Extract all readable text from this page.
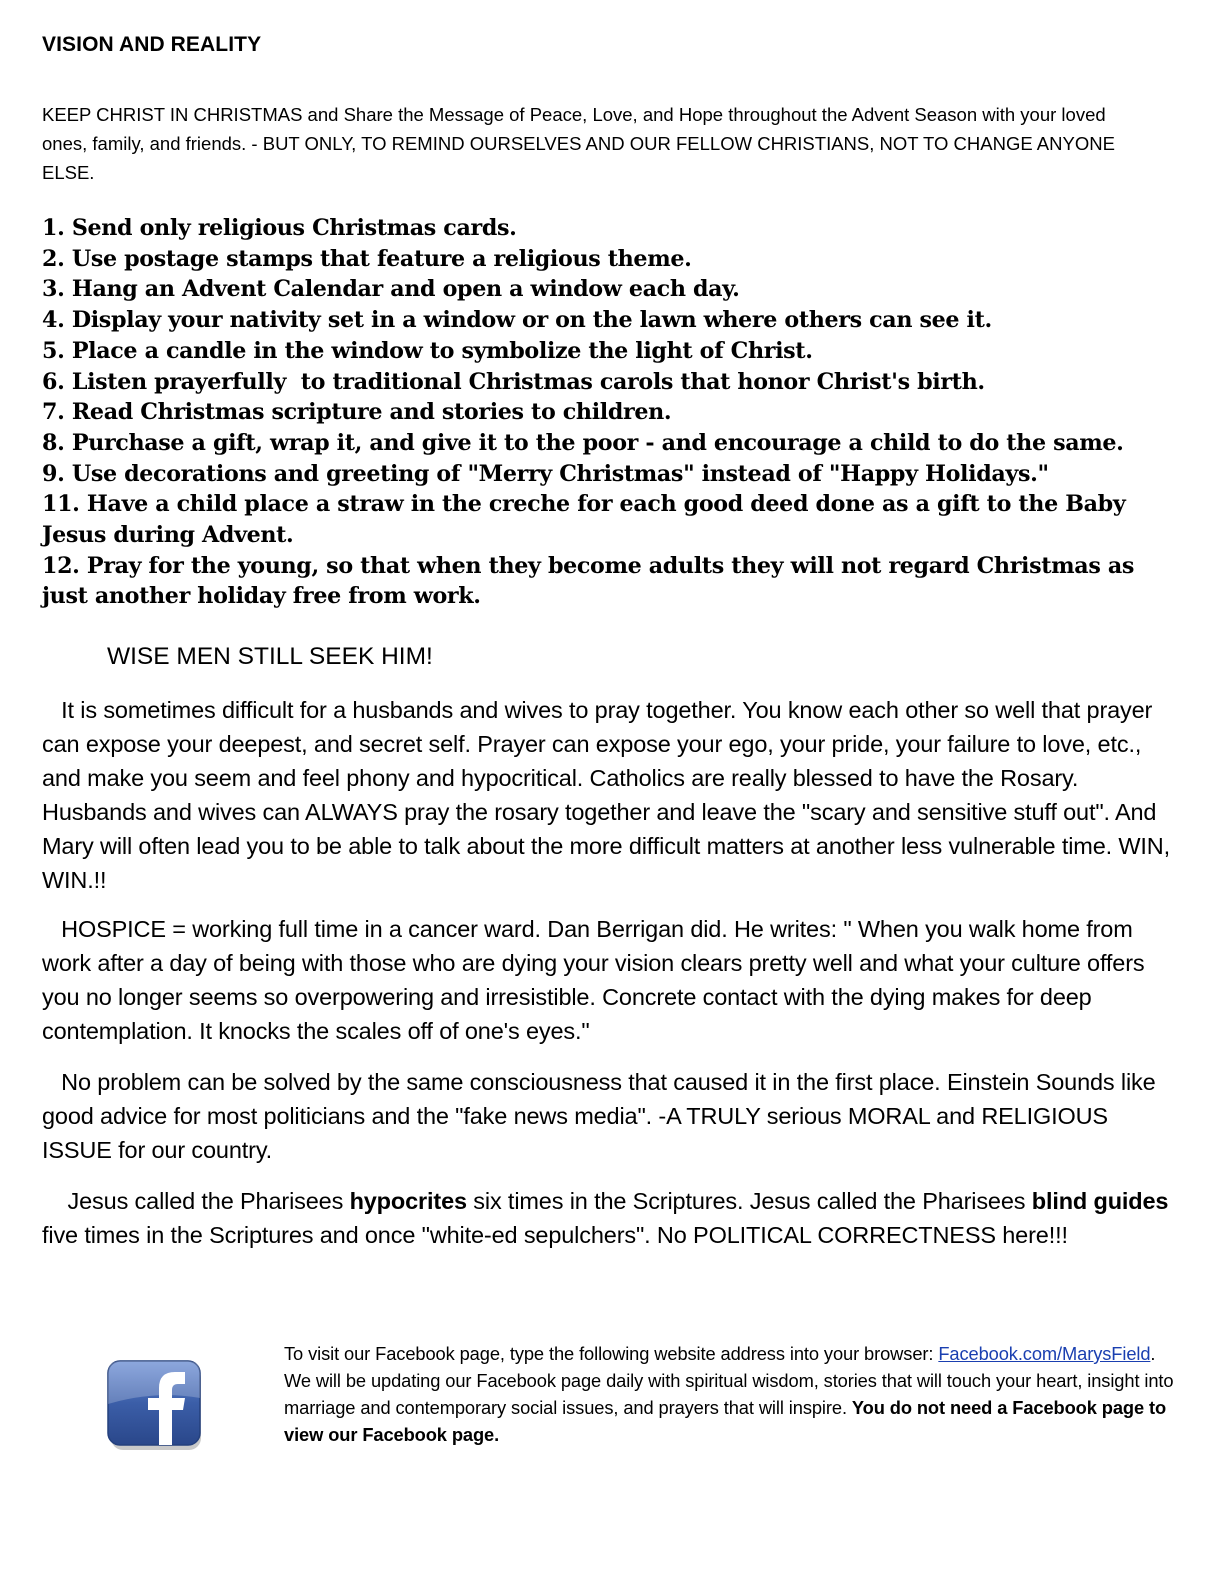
VISION AND REALITY
KEEP CHRIST IN CHRISTMAS and Share the Message of Peace, Love, and Hope throughout the Advent Season with your loved ones, family, and friends. - BUT ONLY, TO REMIND OURSELVES AND OUR FELLOW CHRISTIANS, NOT TO CHANGE ANYONE ELSE.
1. Send only religious Christmas cards.
2. Use postage stamps that feature a religious theme.
3. Hang an Advent Calendar and open a window each day.
4. Display your nativity set in a window or on the lawn where others can see it.
5. Place a candle in the window to symbolize the light of Christ.
6. Listen prayerfully  to traditional Christmas carols that honor Christ's birth.
7. Read Christmas scripture and stories to children.
8. Purchase a gift, wrap it, and give it to the poor - and encourage a child to do the same.
9. Use decorations and greeting of "Merry Christmas" instead of "Happy Holidays."
11. Have a child place a straw in the creche for each good deed done as a gift to the Baby Jesus during Advent.
12. Pray for the young, so that when they become adults they will not regard Christmas as just another holiday free from work.
WISE MEN STILL SEEK HIM!
It is sometimes difficult for a husbands and wives to pray together. You know each other so well that prayer can expose your deepest, and secret self. Prayer can expose your ego, your pride, your failure to love, etc., and make you seem and feel phony and hypocritical. Catholics are really blessed to have the Rosary. Husbands and wives can ALWAYS pray the rosary together and leave the "scary and sensitive stuff out". And Mary will often lead you to be able to talk about the more difficult matters at another less vulnerable time. WIN, WIN.!!
HOSPICE = working full time in a cancer ward. Dan Berrigan did. He writes: " When you walk home from work after a day of being with those who are dying your vision clears pretty well and what your culture offers you no longer seems so overpowering and irresistible. Concrete contact with the dying makes for deep contemplation. It knocks the scales off of one's eyes."
No problem can be solved by the same consciousness that caused it in the first place. Einstein Sounds like good advice for most politicians and the "fake news media". -A TRULY serious MORAL and RELIGIOUS ISSUE for our country.
Jesus called the Pharisees hypocrites six times in the Scriptures. Jesus called the Pharisees blind guides five times in the Scriptures and once "white-ed sepulchers". No POLITICAL CORRECTNESS here!!!
To visit our Facebook page, type the following website address into your browser: Facebook.com/MarysField. We will be updating our Facebook page daily with spiritual wisdom, stories that will touch your heart, insight into marriage and contemporary social issues, and prayers that will inspire. You do not need a Facebook page to view our Facebook page.
